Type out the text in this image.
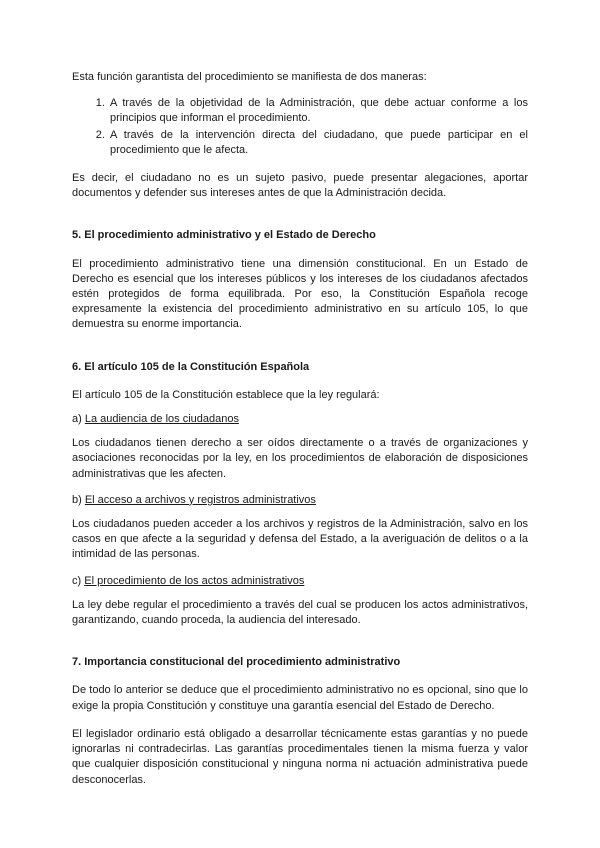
Esta función garantista del procedimiento se manifiesta de dos maneras:

1. A través de la objetividad de la Administración, que debe actuar conforme a los principios que informan el procedimiento.
2. A través de la intervención directa del ciudadano, que puede participar en el procedimiento que le afecta.

Es decir, el ciudadano no es un sujeto pasivo, puede presentar alegaciones, aportar documentos y defender sus intereses antes de que la Administración decida.

5. El procedimiento administrativo y el Estado de Derecho

El procedimiento administrativo tiene una dimensión constitucional. En un Estado de Derecho es esencial que los intereses públicos y los intereses de los ciudadanos afectados estén protegidos de forma equilibrada. Por eso, la Constitución Española recoge expresamente la existencia del procedimiento administrativo en su artículo 105, lo que demuestra su enorme importancia.

6. El artículo 105 de la Constitución Española

El artículo 105 de la Constitución establece que la ley regulará:

a) La audiencia de los ciudadanos

Los ciudadanos tienen derecho a ser oídos directamente o a través de organizaciones y asociaciones reconocidas por la ley, en los procedimientos de elaboración de disposiciones administrativas que les afecten.

b) El acceso a archivos y registros administrativos

Los ciudadanos pueden acceder a los archivos y registros de la Administración, salvo en los casos en que afecte a la seguridad y defensa del Estado, a la averiguación de delitos o a la intimidad de las personas.

c) El procedimiento de los actos administrativos

La ley debe regular el procedimiento a través del cual se producen los actos administrativos, garantizando, cuando proceda, la audiencia del interesado.

7. Importancia constitucional del procedimiento administrativo

De todo lo anterior se deduce que el procedimiento administrativo no es opcional, sino que lo exige la propia Constitución y constituye una garantía esencial del Estado de Derecho.

El legislador ordinario está obligado a desarrollar técnicamente estas garantías y no puede ignorarlas ni contradecirlas. Las garantías procedimentales tienen la misma fuerza y valor que cualquier disposición constitucional y ninguna norma ni actuación administrativa puede desconocerlas.
